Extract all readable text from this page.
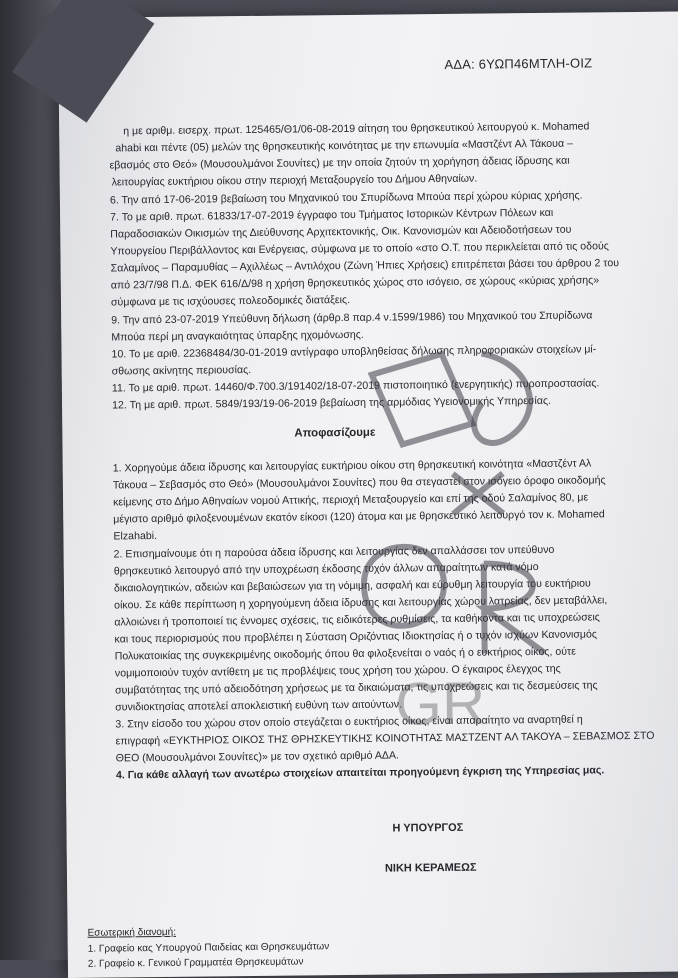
ΑΔΑ: 6ΥΩΠ46ΜΤΛΗ-ΟΙΖ
η με αριθμ. εισερχ. πρωτ. 125465/Θ1/06-08-2019 αίτηση του θρησκευτικού λειτουργού κ. Mohamed
ahabi και πέντε (05) μελών της θρησκευτικής κοινότητας με την επωνυμία «Μαστζέντ Αλ Τάκουα –
εβασμός στο Θεό» (Μουσουλμάνοι Σουνίτες) με την οποία ζητούν τη χορήγηση άδειας ίδρυσης και
λειτουργίας ευκτήριου οίκου στην περιοχή Μεταξουργείο του Δήμου Αθηναίων.
6. Την από 17-06-2019 βεβαίωση του Μηχανικού του Σπυρίδωνα Μπούα περί χώρου κύριας χρήσης.
7. Το με αριθ. πρωτ. 61833/17-07-2019 έγγραφο του Τμήματος Ιστορικών Κέντρων Πόλεων και
Παραδοσιακών Οικισμών της Διεύθυνσης Αρχιτεκτονικής, Οικ. Κανονισμών και Αδειοδοτήσεων του
Υπουργείου Περιβάλλοντος και Ενέργειας, σύμφωνα με το οποίο «στο Ο.Τ. που περικλείεται από τις οδούς
Σαλαμίνος – Παραμυθίας – Αχιλλέως – Αντιλόχου (Ζώνη Ήπιες Χρήσεις) επιτρέπεται βάσει του άρθρου 2 του
από 23/7/98 Π.Δ. ΦΕΚ 616/Δ/98 η χρήση θρησκευτικός χώρος στο ισόγειο, σε χώρους «κύριας χρήσης»
σύμφωνα με τις ισχύουσες πολεοδομικές διατάξεις.
9. Την από 23-07-2019 Υπεύθυνη δήλωση (άρθρ.8 παρ.4 ν.1599/1986) του Μηχανικού του Σπυρίδωνα
Μπούα περί μη αναγκαιότητας ύπαρξης ηχομόνωσης.
10. Το με αριθ. 22368484/30-01-2019 αντίγραφο υποβληθείσας δήλωσης πληροφοριακών στοιχείων μί-
σθωσης ακίνητης περιουσίας.
11. Το με αριθ. πρωτ. 14460/Φ.700.3/191402/18-07-2019 πιστοποιητικό (ενεργητικής) πυροπροστασίας.
12. Τη με αριθ. πρωτ. 5849/193/19-06-2019 βεβαίωση της αρμόδιας Υγειονομικής Υπηρεσίας.
Αποφασίζουμε
1. Χορηγούμε άδεια ίδρυσης και λειτουργίας ευκτήριου οίκου στη θρησκευτική κοινότητα «Μαστζέντ Αλ
Τάκουα – Σεβασμός στο Θεό» (Μουσουλμάνοι Σουνίτες) που θα στεγαστεί στον ισόγειο όροφο οικοδομής
κείμενης στο Δήμο Αθηναίων νομού Αττικής, περιοχή Μεταξουργείο και επί της οδού Σαλαμίνος 80, με
μέγιστο αριθμό φιλοξενουμένων εκατόν είκοσι (120) άτομα και με θρησκευτικό λειτουργό τον κ. Mohamed
Elzahabi.
2. Επισημαίνουμε ότι η παρούσα άδεια ίδρυσης και λειτουργίας δεν απαλλάσσει τον υπεύθυνο
θρησκευτικό λειτουργό από την υποχρέωση έκδοσης τυχόν άλλων απαραίτητων κατά νόμο
δικαιολογητικών, αδειών και βεβαιώσεων για τη νόμιμη, ασφαλή και εύρυθμη λειτουργία του ευκτήριου
οίκου. Σε κάθε περίπτωση η χορηγούμενη άδεια ίδρυσης και λειτουργίας χώρου λατρείας, δεν μεταβάλλει,
αλλοιώνει ή τροποποιεί τις έννομες σχέσεις, τις ειδικότερες ρυθμίσεις, τα καθήκοντα και τις υποχρεώσεις
και τους περιορισμούς που προβλέπει η Σύσταση Οριζόντιας Ιδιοκτησίας ή ο τυχόν ισχύων Κανονισμός
Πολυκατοικίας της συγκεκριμένης οικοδομής όπου θα φιλοξενείται ο ναός ή ο ευκτήριος οίκος, ούτε
νομιμοποιούν τυχόν αντίθετη με τις προβλέψεις τους χρήση του χώρου. Ο έγκαιρος έλεγχος της
συμβατότητας της υπό αδειοδότηση χρήσεως με τα δικαιώματα, τις υποχρεώσεις και τις δεσμεύσεις της
συνιδιοκτησίας αποτελεί αποκλειστική ευθύνη των αιτούντων.
3. Στην είσοδο του χώρου στον οποίο στεγάζεται ο ευκτήριος οίκος, είναι απαραίτητο να αναρτηθεί η
επιγραφή «ΕΥΚΤΗΡΙΟΣ ΟΙΚΟΣ ΤΗΣ ΘΡΗΣΚΕΥΤΙΚΗΣ ΚΟΙΝΟΤΗΤΑΣ ΜΑΣΤΖΕΝΤ ΑΛ ΤΑΚΟΥΑ – ΣΕΒΑΣΜΟΣ ΣΤΟ
ΘΕΟ (Μουσουλμάνοι Σουνίτες)» με τον σχετικό αριθμό ΑΔΑ.
4. Για κάθε αλλαγή των ανωτέρω στοιχείων απαιτείται προηγούμενη έγκριση της Υπηρεσίας μας.
Η ΥΠΟΥΡΓΟΣ
ΝΙΚΗ ΚΕΡΑΜΕΩΣ
Εσωτερική διανομή:
1. Γραφείο κας Υπουργού Παιδείας και Θρησκευμάτων
2. Γραφείο κ. Γενικού Γραμματέα Θρησκευμάτων
GR
